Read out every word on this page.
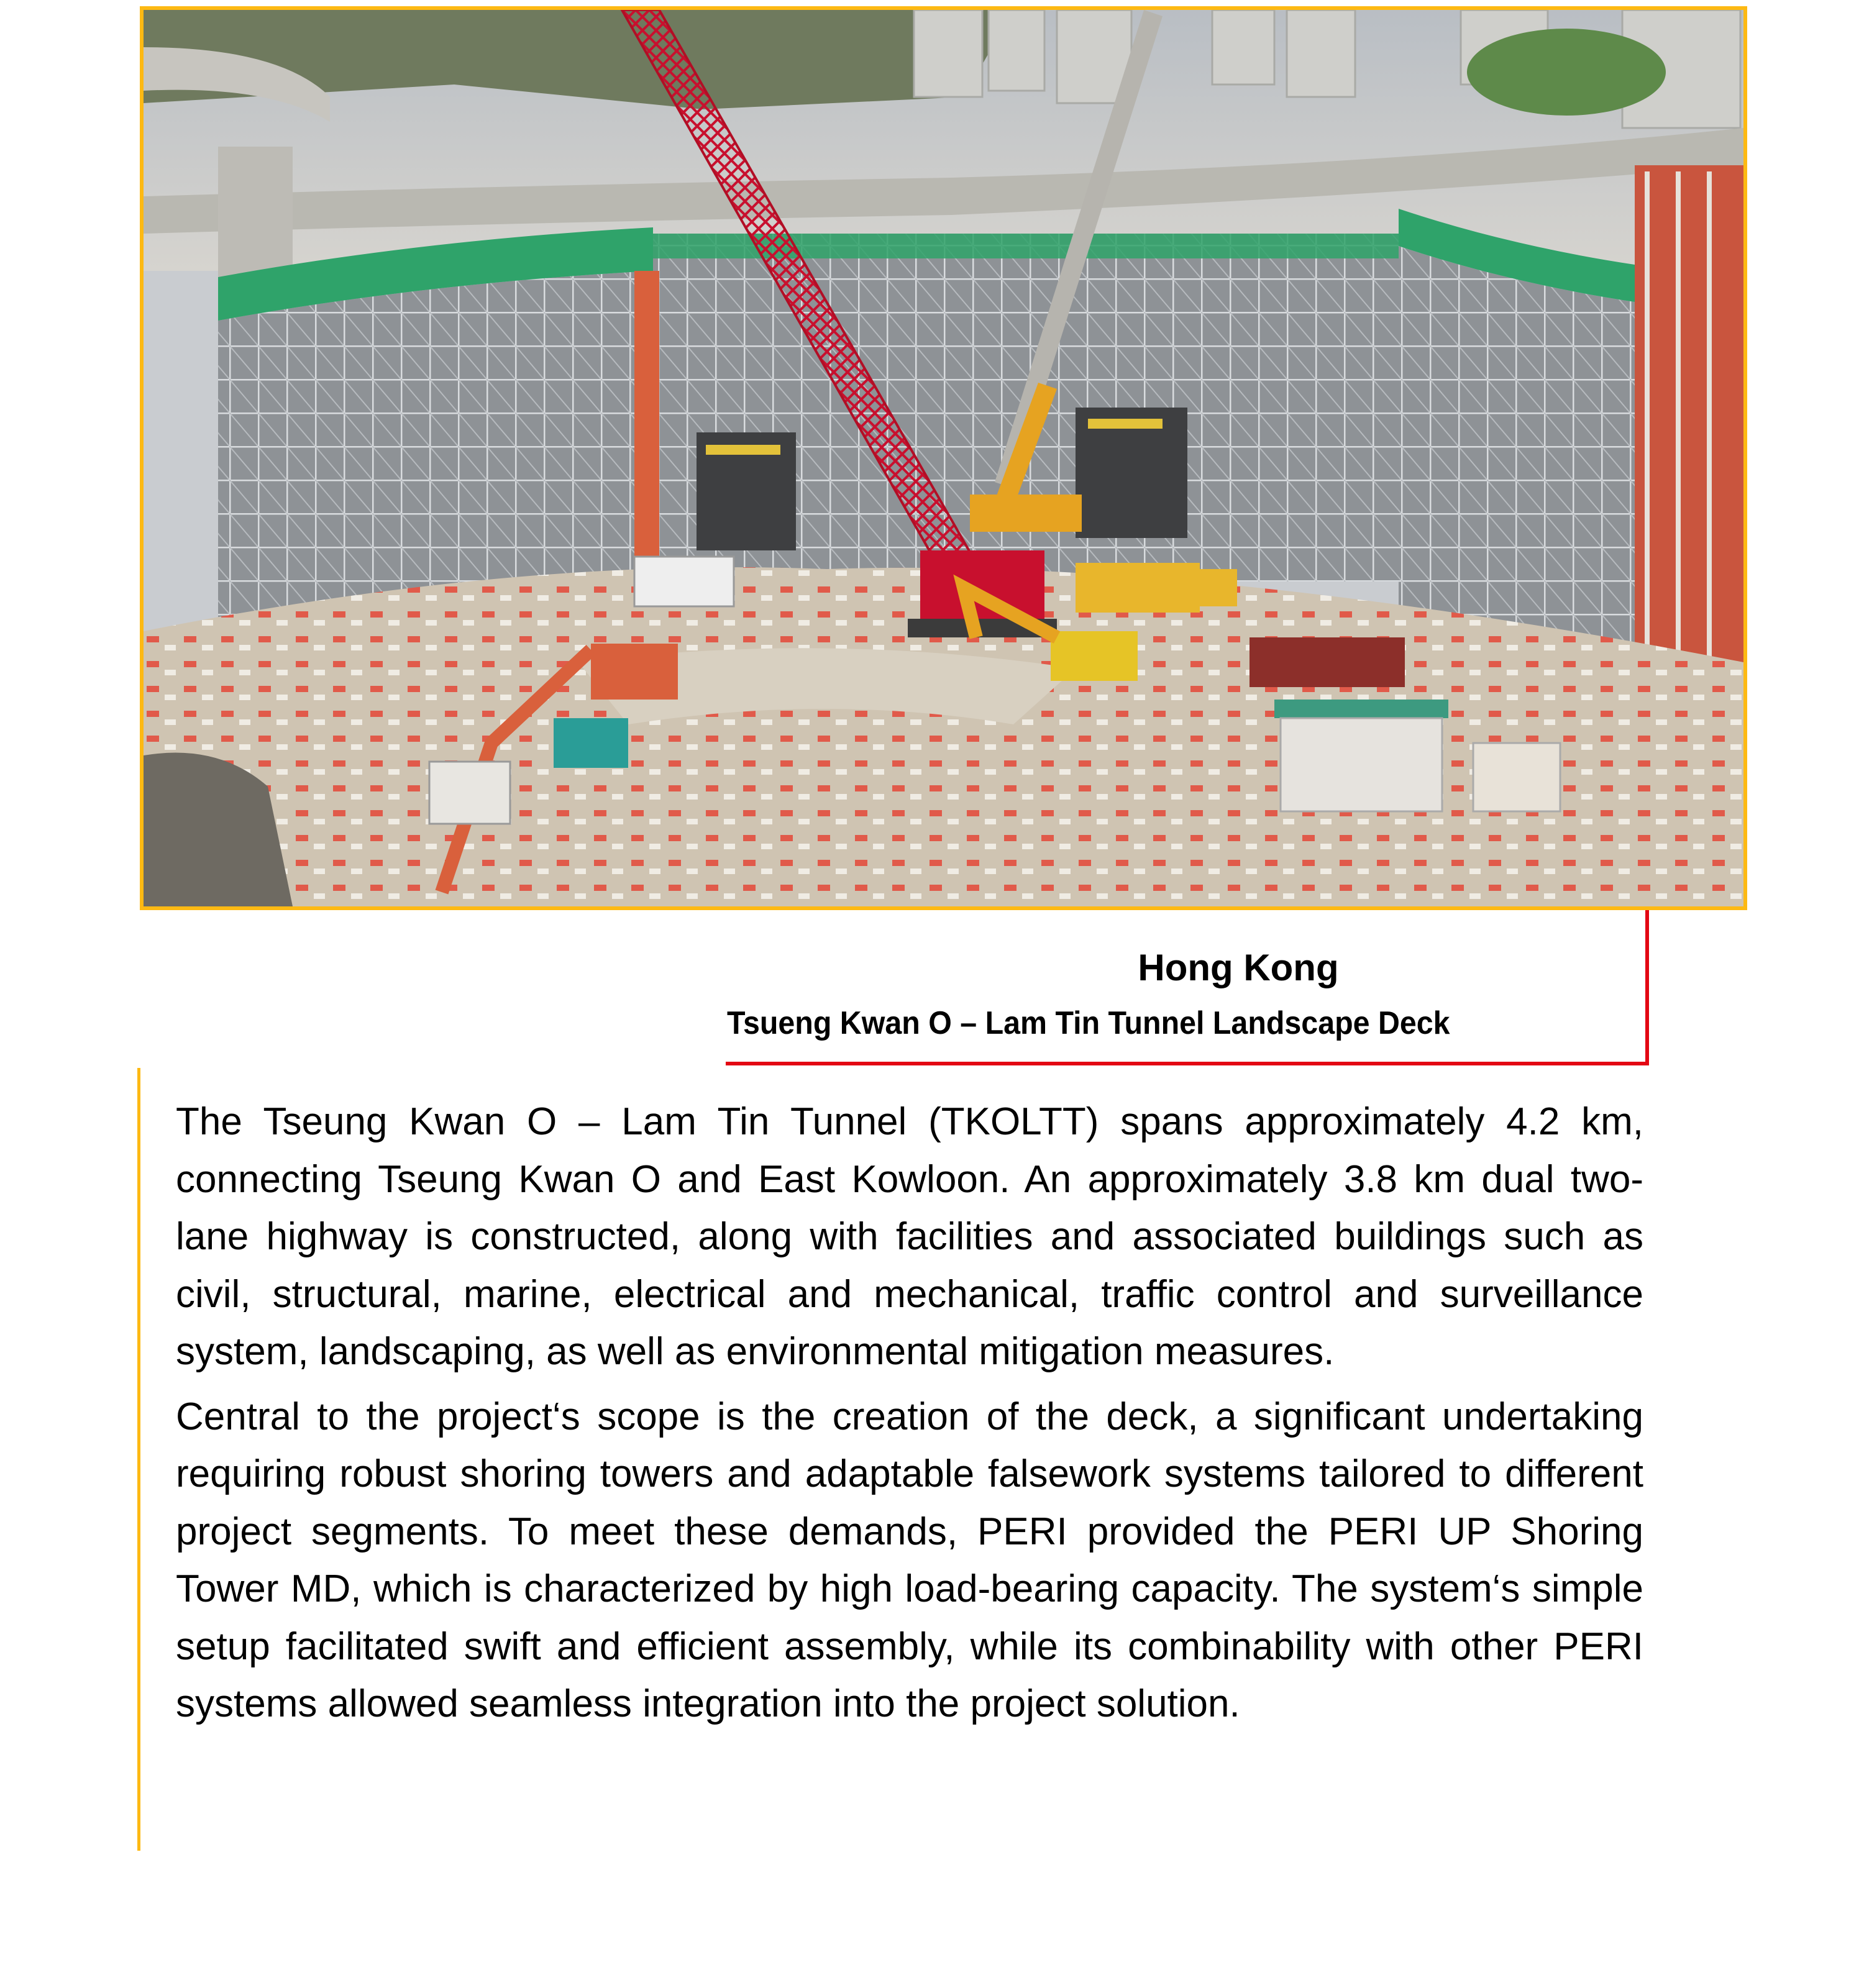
Hong Kong
Tsueng Kwan O – Lam Tin Tunnel Landscape Deck

The Tseung Kwan O – Lam Tin Tunnel (TKOLTT) spans approximately 4.2 km, connecting Tseung Kwan O and East Kowloon. An approximately 3.8 km dual two-lane highway is constructed, along with facilities and associated buildings such as civil, structural, marine, electrical and mechanical, traffic control and surveillance system, landscaping, as well as environmental mitigation measures.

Central to the project‘s scope is the creation of the deck, a significant undertaking requiring robust shoring towers and adaptable falsework systems tailored to different project segments. To meet these demands, PERI provided the PERI UP Shoring Tower MD, which is characterized by high load-bearing capacity. The system‘s simple setup facilitated swift and efficient assembly, while its combinability with other PERI systems allowed seamless integration into the project solution.
